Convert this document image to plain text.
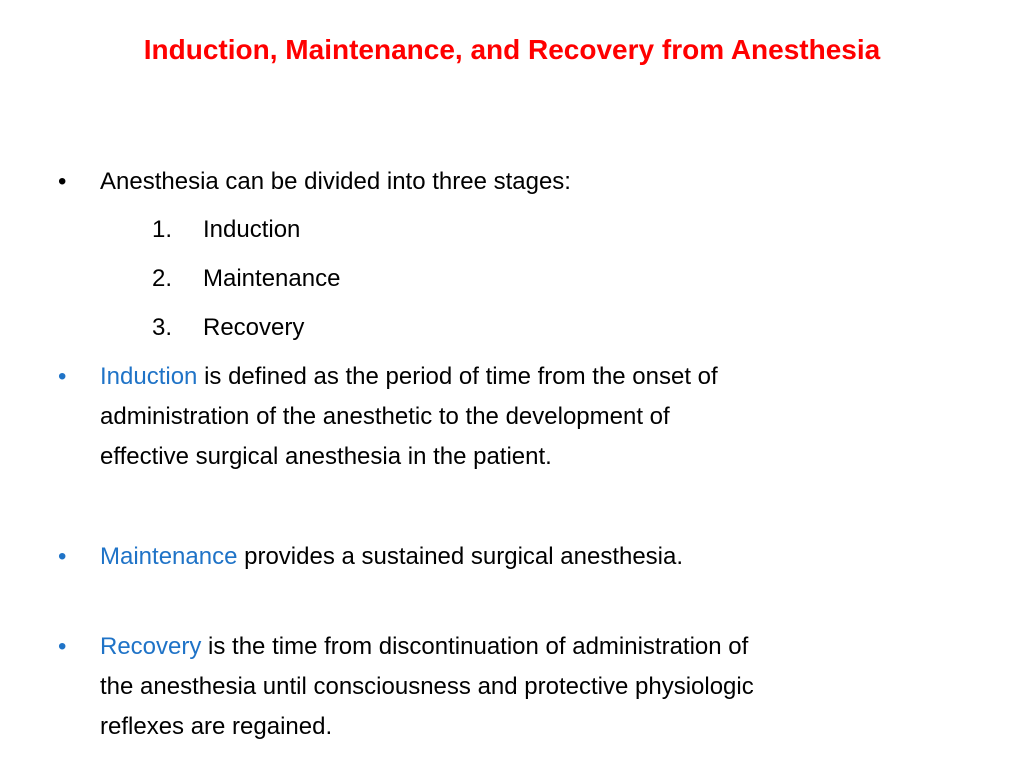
Induction, Maintenance, and Recovery from Anesthesia
• Anesthesia can be divided into three stages:
1. Induction
2. Maintenance
3. Recovery
• Induction is defined as the period of time from the onset of
administration of the anesthetic to the development of
effective surgical anesthesia in the patient.
• Maintenance provides a sustained surgical anesthesia.
• Recovery is the time from discontinuation of administration of
the anesthesia until consciousness and protective physiologic
reflexes are regained.
